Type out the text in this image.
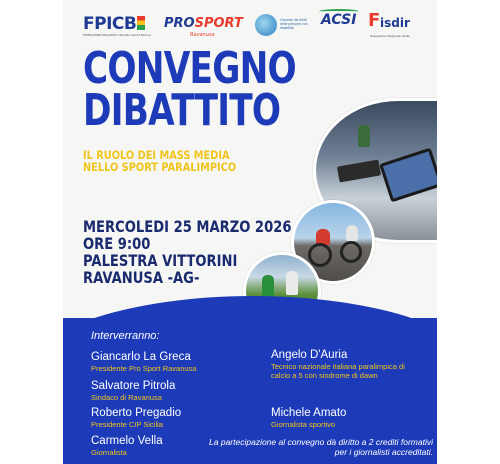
FPICB
FEDERAZIONE PARALIMPICA ITALIANA CALCIO BALILLA
PROSPORT
Ravanusa
Garante dei diritti delle persone con disabilità	ACSI F isdir
Delegazione Regionale Sicilia
CONVEGNO
DIBATTITO
IL RUOLO DEI MASS MEDIA NELLO SPORT PARALIMPICO
MERCOLEDI 25 MARZO 2026
ORE 9:00
PALESTRA VITTORINI
RAVANUSA -AG-
Interverranno:
Giancarlo La Greca
Presidente Pro Sport Ravanusa
Salvatore Pitrola
Sindaco di Ravanusa
Roberto Pregadio
Presidente CIP Sicilia
Carmelo Vella
Giornalista
Angelo D'Auria
Tecnico nazionale italiana paralimpica di calcio a 5 con sindrome di dawn
Michele Amato
Giornalista sportivo
La partecipazione al convegno dà diritto a 2 crediti formativi per i giornalisti accreditati.
